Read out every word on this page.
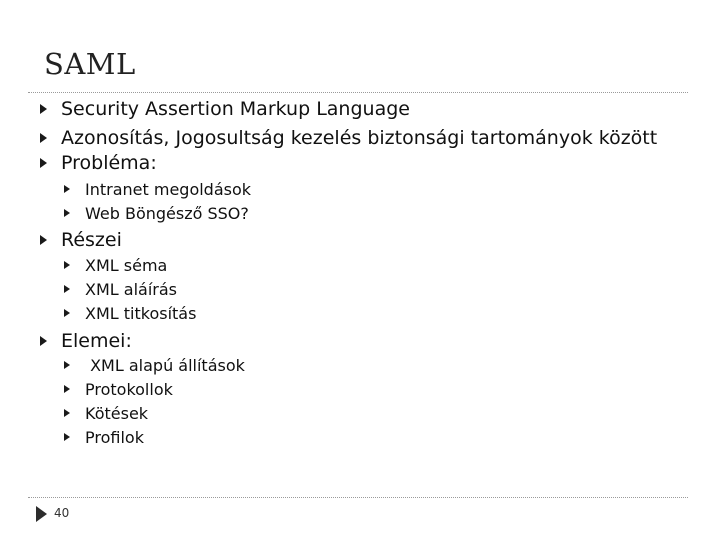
SAML
Security Assertion Markup Language
Azonosítás, Jogosultság kezelés biztonsági tartományok között
Probléma:
Intranet megoldások
Web Böngésző SSO?
Részei
XML séma
XML aláírás
XML titkosítás
Elemei:
XML alapú állítások
Protokollok
Kötések
Profilok
40
